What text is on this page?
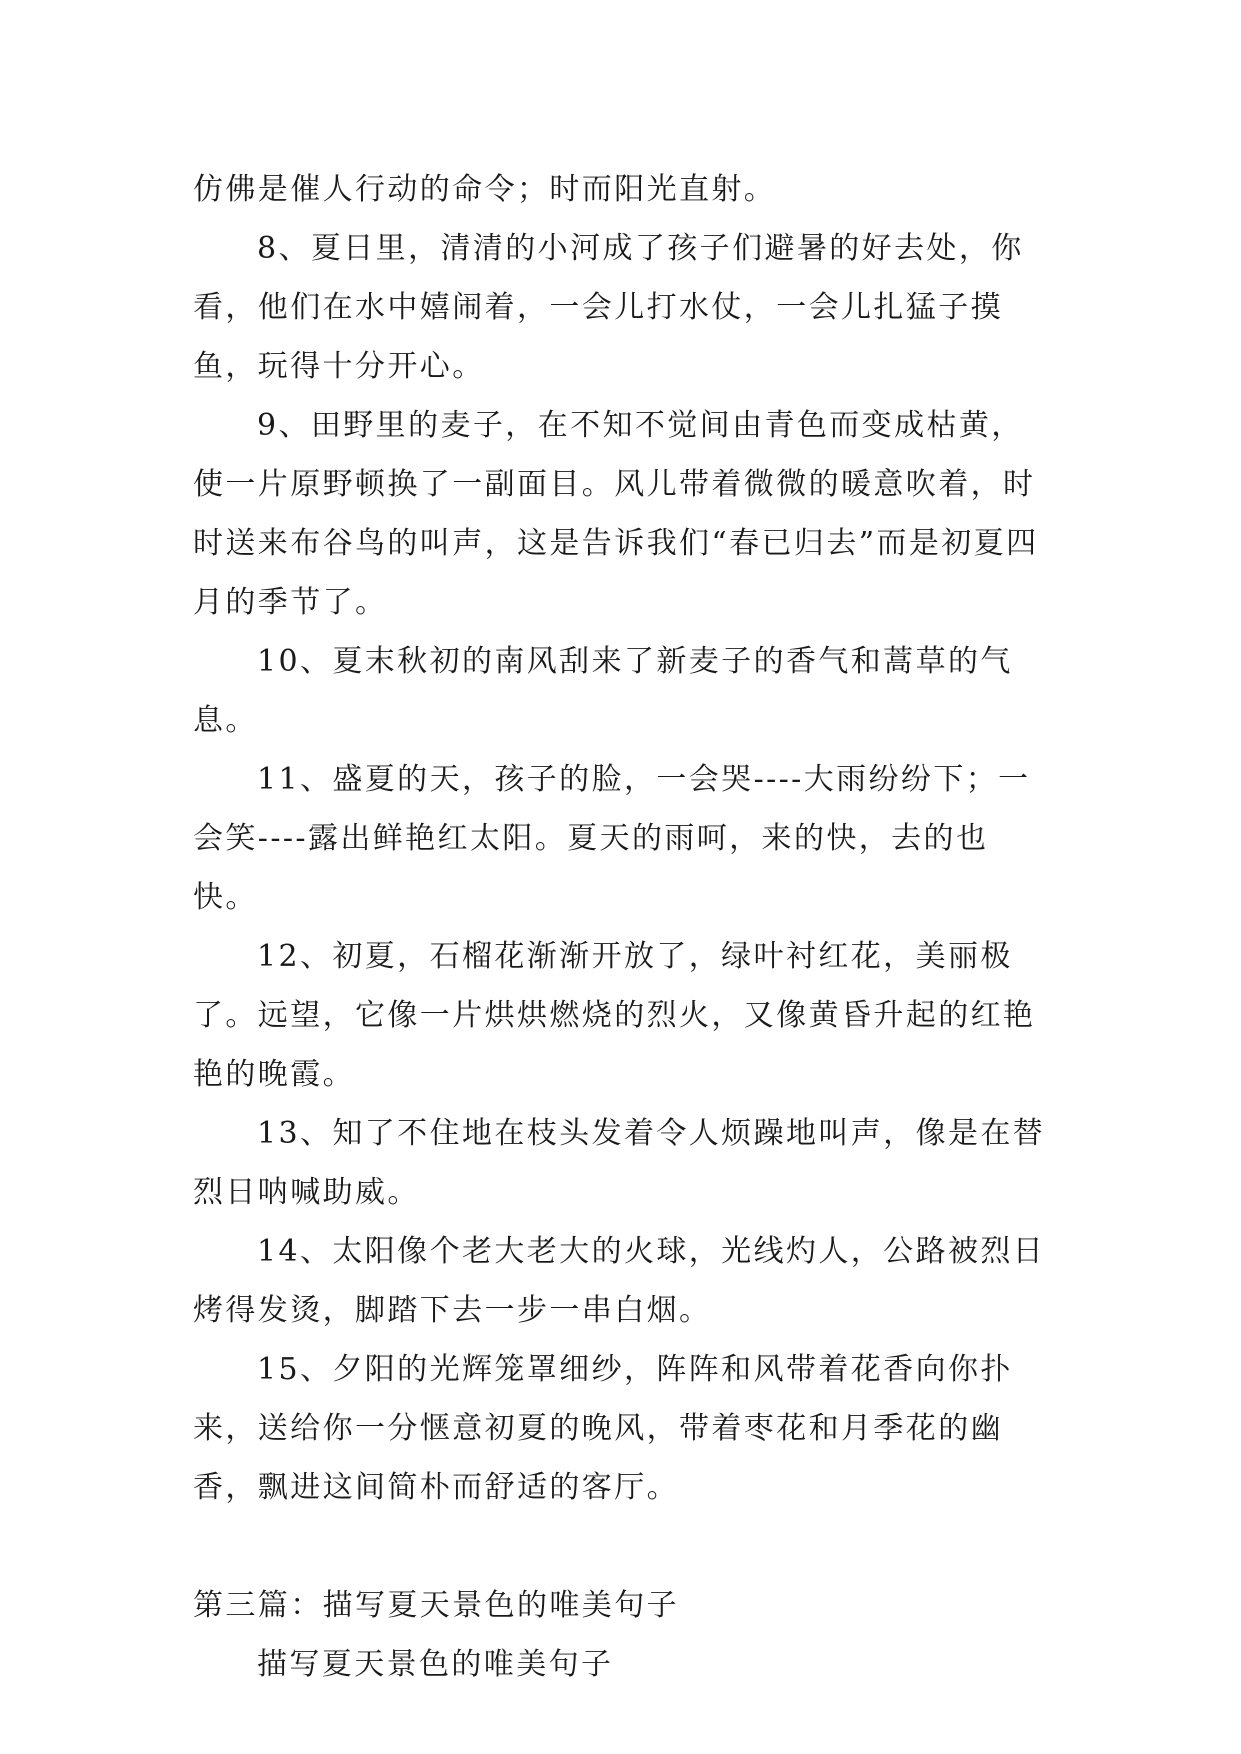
仿佛是催人行动的命令；时而阳光直射。

8、夏日里，清清的小河成了孩子们避暑的好去处，你看，他们在水中嬉闹着，一会儿打水仗，一会儿扎猛子摸鱼，玩得十分开心。

9、田野里的麦子，在不知不觉间由青色而变成枯黄，使一片原野顿换了一副面目。风儿带着微微的暖意吹着，时时送来布谷鸟的叫声，这是告诉我们“春已归去”而是初夏四月的季节了。

10、夏末秋初的南风刮来了新麦子的香气和蒿草的气息。

11、盛夏的天，孩子的脸，一会哭----大雨纷纷下；一会笑----露出鲜艳红太阳。夏天的雨呵，来的快，去的也快。

12、初夏，石榴花渐渐开放了，绿叶衬红花，美丽极了。远望，它像一片烘烘燃烧的烈火，又像黄昏升起的红艳艳的晚霞。

13、知了不住地在枝头发着令人烦躁地叫声，像是在替烈日呐喊助威。

14、太阳像个老大老大的火球，光线灼人，公路被烈日烤得发烫，脚踏下去一步一串白烟。

15、夕阳的光辉笼罩细纱，阵阵和风带着花香向你扑来，送给你一分惬意初夏的晚风，带着枣花和月季花的幽香，飘进这间简朴而舒适的客厅。

第三篇：描写夏天景色的唯美句子

描写夏天景色的唯美句子
